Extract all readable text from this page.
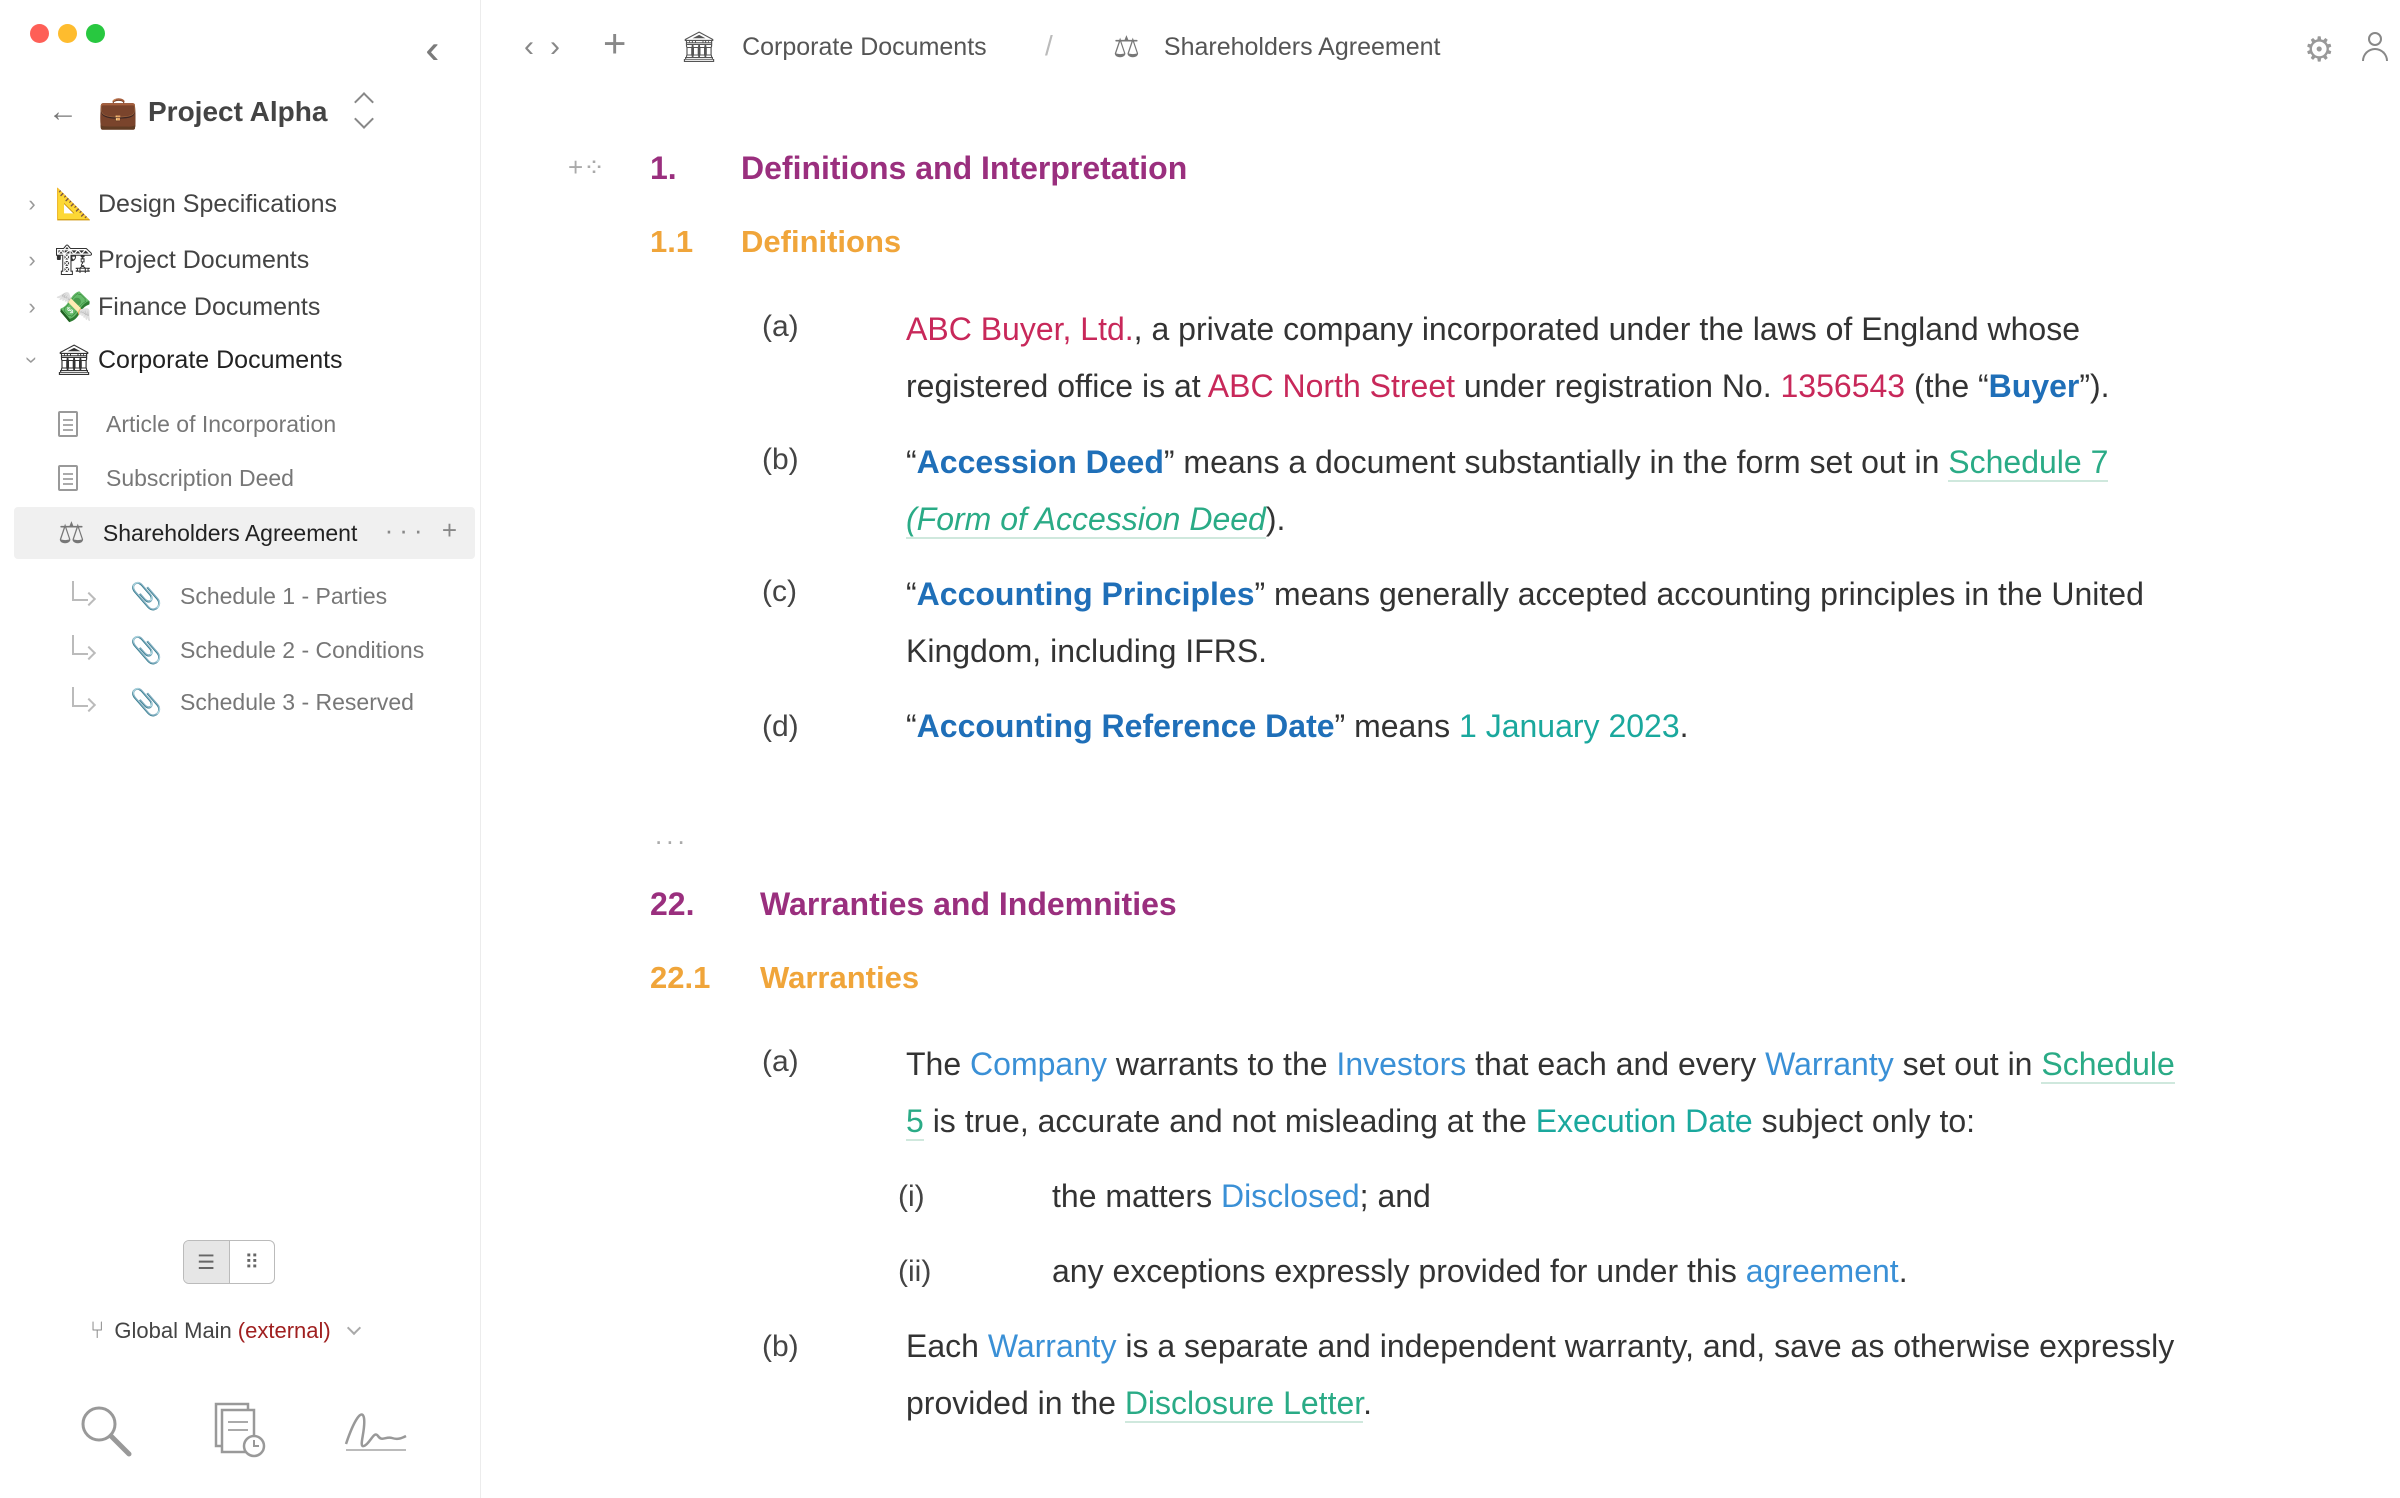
← 💼 Project Alpha
› 📐 Design Specifications
› 🏗 Project Documents
› 💸 Finance Documents
› 🏛 Corporate Documents
Article of Incorporation
Subscription Deed
⚖ Shareholders Agreement ··· +
📎 Schedule 1 - Parties
📎 Schedule 2 - Conditions
📎 Schedule 3 - Reserved
☰	⠿
⑂ Global Main (external)
‹› + 🏛 Corporate Documents / ⚖ Shareholders Agreement	⚙
+⁘ 1. Definitions and Interpretation
1.1 Definitions
(a)	ABC Buyer, Ltd., a private company incorporated under the laws of England whose
registered office is at ABC North Street under registration No. 1356543 (the “Buyer”).
(b)	“Accession Deed” means a document substantially in the form set out in Schedule 7
(Form of Accession Deed).
(c)	“Accounting Principles” means generally accepted accounting principles in the United
Kingdom, including IFRS.
(d)	“Accounting Reference Date” means 1 January 2023.
...
22. Warranties and Indemnities
22.1 Warranties
(a)	The Company warrants to the Investors that each and every Warranty set out in Schedule
5 is true, accurate and not misleading at the Execution Date subject only to:
(i)	the matters Disclosed; and
(ii)	any exceptions expressly provided for under this agreement.
(b)	Each Warranty is a separate and independent warranty, and, save as otherwise expressly
provided in the Disclosure Letter.
